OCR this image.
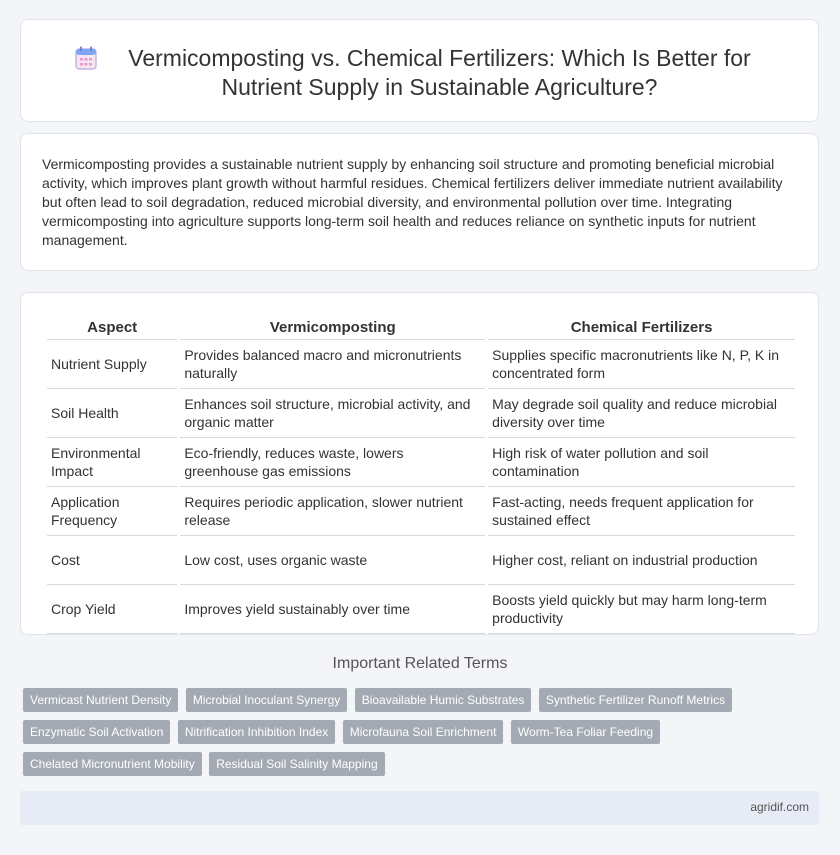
Vermicomposting vs. Chemical Fertilizers: Which Is Better for Nutrient Supply in Sustainable Agriculture?

Vermicomposting provides a sustainable nutrient supply by enhancing soil structure and promoting beneficial microbial activity, which improves plant growth without harmful residues. Chemical fertilizers deliver immediate nutrient availability but often lead to soil degradation, reduced microbial diversity, and environmental pollution over time. Integrating vermicomposting into agriculture supports long-term soil health and reduces reliance on synthetic inputs for nutrient management.

Aspect	Vermicomposting	Chemical Fertilizers
Nutrient Supply	Provides balanced macro and micronutrients naturally	Supplies specific macronutrients like N, P, K in concentrated form
Soil Health	Enhances soil structure, microbial activity, and organic matter	May degrade soil quality and reduce microbial diversity over time
Environmental Impact	Eco-friendly, reduces waste, lowers greenhouse gas emissions	High risk of water pollution and soil contamination
Application Frequency	Requires periodic application, slower nutrient release	Fast-acting, needs frequent application for sustained effect
Cost	Low cost, uses organic waste	Higher cost, reliant on industrial production
Crop Yield	Improves yield sustainably over time	Boosts yield quickly but may harm long-term productivity
Important Related Terms
Vermicast Nutrient Density Microbial Inoculant Synergy Bioavailable Humic Substrates Synthetic Fertilizer Runoff Metrics
Enzymatic Soil Activation Nitrification Inhibition Index Microfauna Soil Enrichment Worm-Tea Foliar Feeding
Chelated Micronutrient Mobility Residual Soil Salinity Mapping
agridif.com
